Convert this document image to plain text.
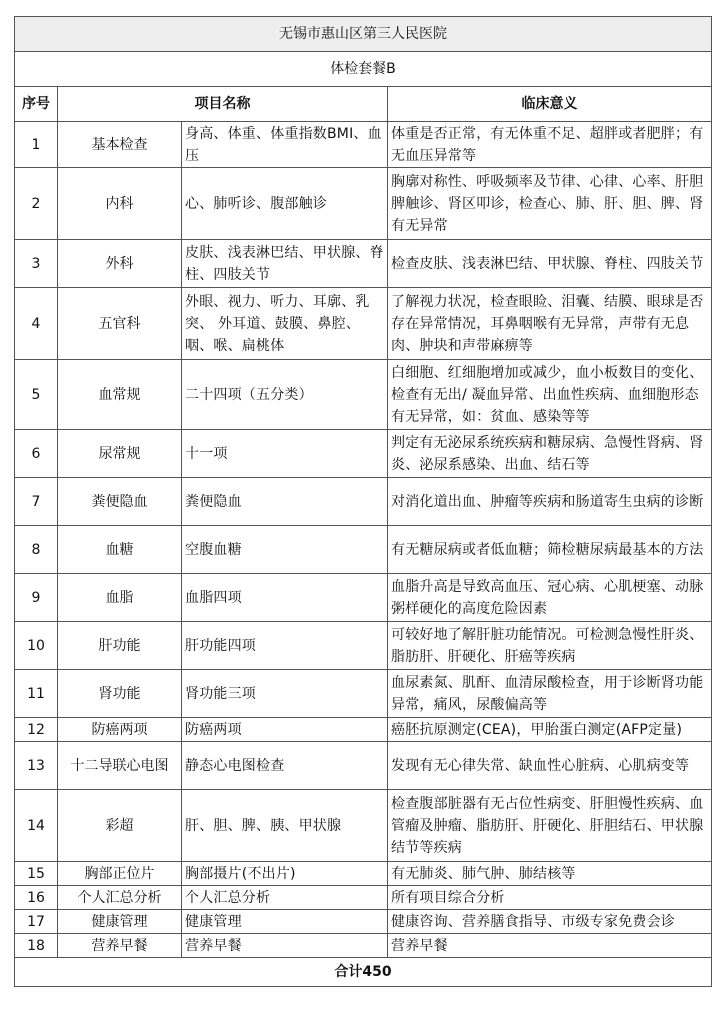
无锡市惠山区第三人民医院			
体检套餐B			
序号	项目名称		临床意义
1	基本检查	身高、体重、体重指数BMI、血压	体重是否正常，有无体重不足、超胖或者肥胖；有无血压异常等
2	内科	心、肺听诊、腹部触诊	胸廓对称性、呼吸频率及节律、心律、心率、肝胆脾触诊、肾区叩诊，检查心、肺、肝、胆、脾、肾有无异常
3	外科	皮肤、浅表淋巴结、甲状腺、脊柱、四肢关节	检查皮肤、浅表淋巴结、甲状腺、脊柱、四肢关节
4	五官科	外眼、视力、听力、耳廓、乳突、 外耳道、鼓膜、鼻腔、咽、喉、扁桃体	了解视力状况，检查眼睑、泪囊、结膜、眼球是否存在异常情况，耳鼻咽喉有无异常，声带有无息肉、肿块和声带麻痹等
5	血常规	二十四项（五分类）	白细胞、红细胞增加或减少，血小板数目的变化、检查有无出/ 凝血异常、出血性疾病、血细胞形态有无异常，如：贫血、感染等等
6	尿常规	十一项	判定有无泌尿系统疾病和糖尿病、急慢性肾病、肾炎、泌尿系感染、出血、结石等
7	粪便隐血	粪便隐血	对消化道出血、肿瘤等疾病和肠道寄生虫病的诊断
8	血糖	空腹血糖	有无糖尿病或者低血糖；筛检糖尿病最基本的方法
9	血脂	血脂四项	血脂升高是导致高血压、冠心病、心肌梗塞、动脉粥样硬化的高度危险因素
10	肝功能	肝功能四项	可较好地了解肝脏功能情况。可检测急慢性肝炎、脂肪肝、肝硬化、肝癌等疾病
11	肾功能	肾功能三项	血尿素氮、肌酐、血清尿酸检查，用于诊断肾功能异常，痛风，尿酸偏高等
12	防癌两项	防癌两项	癌胚抗原测定(CEA)，甲胎蛋白测定(AFP定量)
13	十二导联心电图	静态心电图检查	发现有无心律失常、缺血性心脏病、心肌病变等
14	彩超	肝、胆、脾、胰、甲状腺	检查腹部脏器有无占位性病变、肝胆慢性疾病、血管瘤及肿瘤、脂肪肝、肝硬化、肝胆结石、甲状腺结节等疾病
15	胸部正位片	胸部摄片(不出片)	有无肺炎、肺气肿、肺结核等
16	个人汇总分析	个人汇总分析	所有项目综合分析
17	健康管理	健康管理	健康咨询、营养膳食指导、市级专家免费会诊
18	营养早餐	营养早餐	营养早餐
合计450			
